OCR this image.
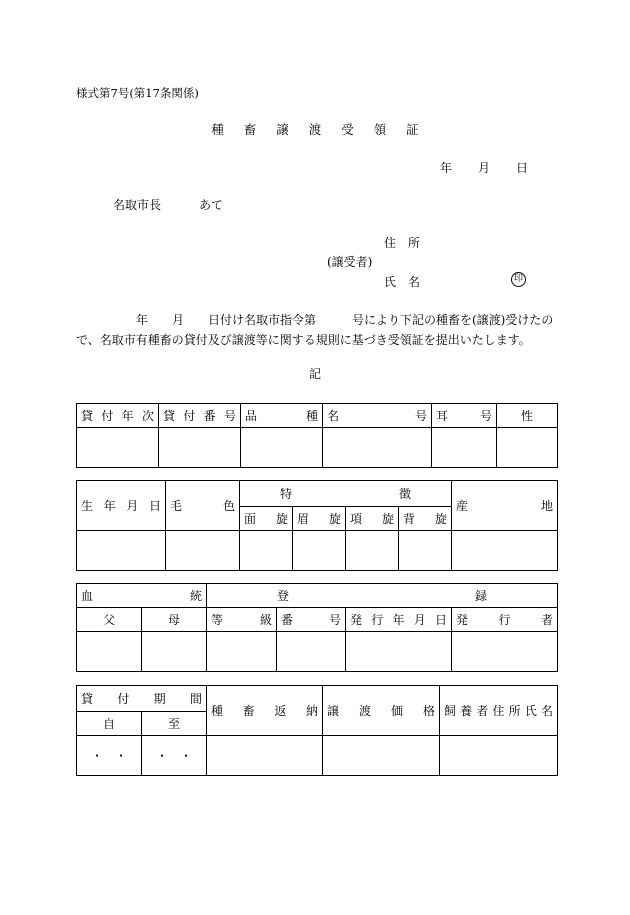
様式第7号(第17条関係)
種 畜 譲 渡 受 領 証
年 月 日
名取市長	あて
住　所
(譲受者)
氏　名	印
年　　月　　日付け名取市指令第　　　号により下記の種畜を(譲渡)受けたの
で、名取市有種畜の貸付及び譲渡等に関する規則に基づき受領証を提出いたします。
記
貸付年次	貸付番号	品種	名号	耳号	性

生年月日	毛色	特徴				産地
		面旋	眉旋	項旋	背旋	

血統		登録			
父	母	等級	番号	発行年月日	発行者

貸付期間		種畜返納	譲渡価格	飼養者住所氏名
自	至			
・　・	・　・			
